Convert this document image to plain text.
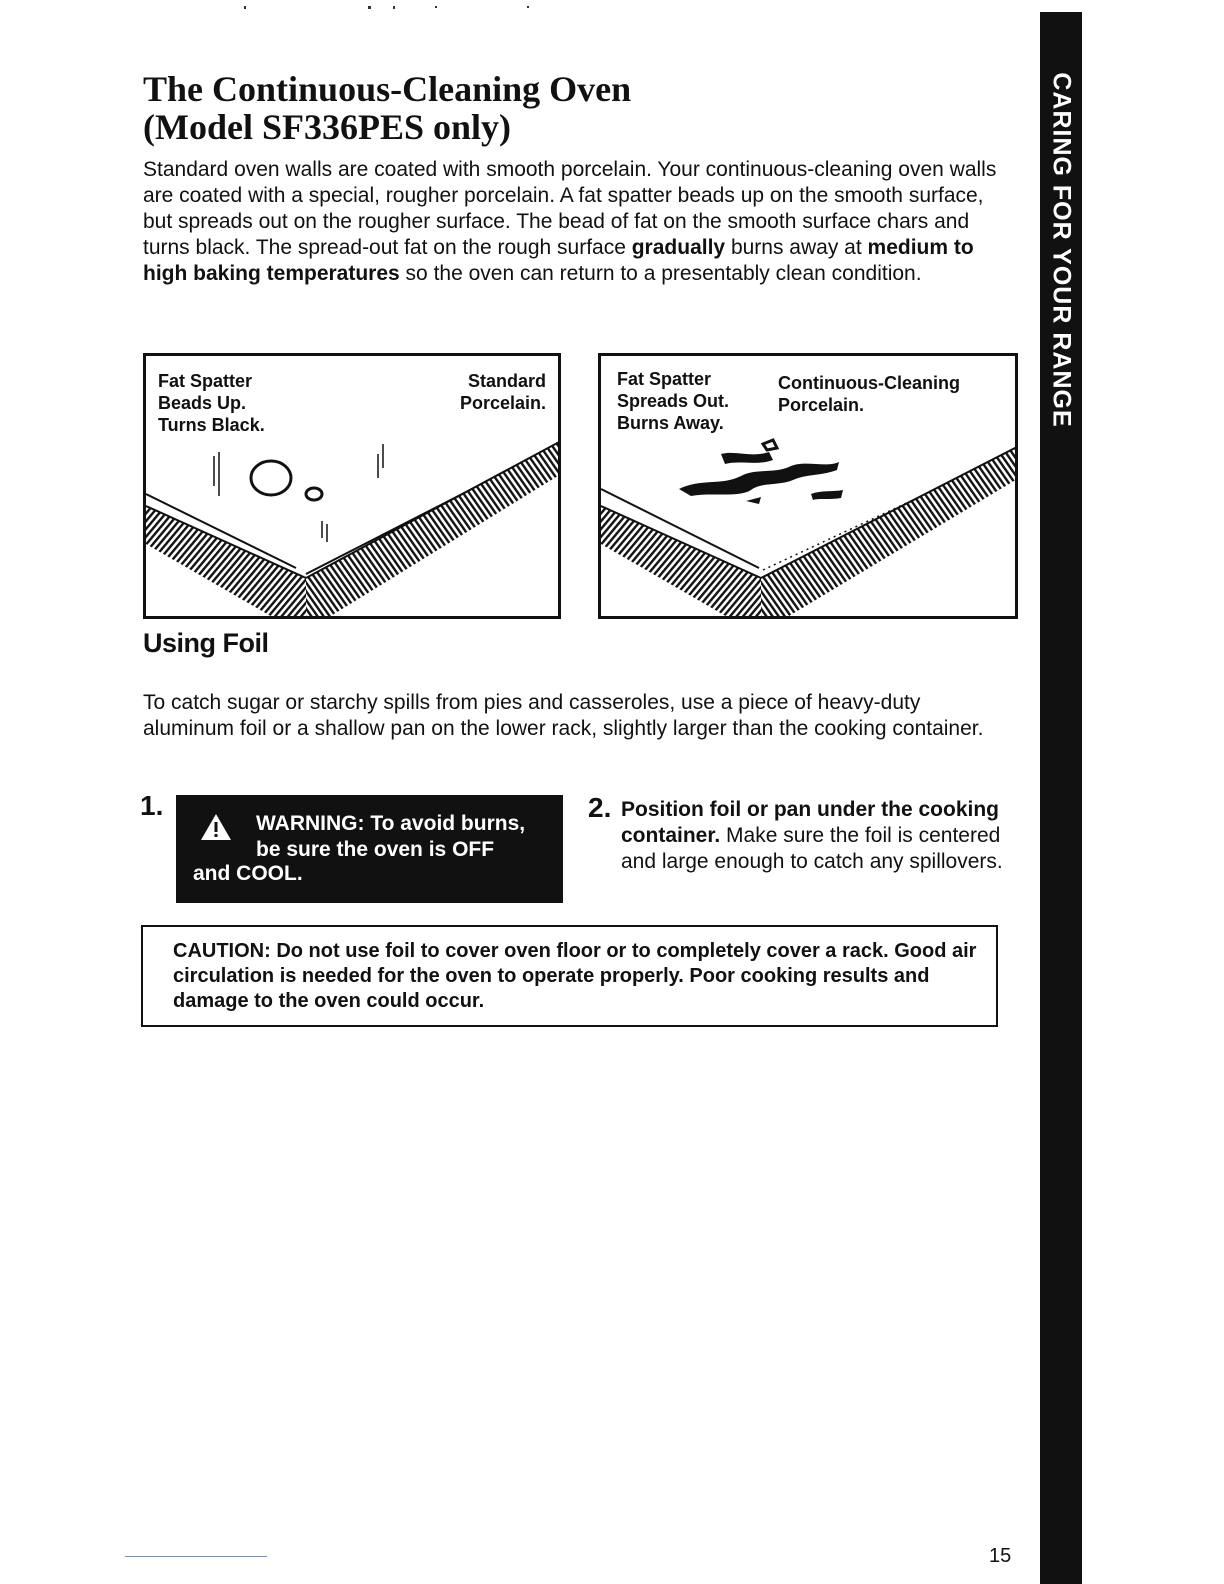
CARING FOR YOUR RANGE
The Continuous-Cleaning Oven
(Model SF336PES only)

Standard oven walls are coated with smooth porcelain. Your continuous-cleaning oven walls are coated with a special, rougher porcelain. A fat spatter beads up on the smooth surface, but spreads out on the rougher surface. The bead of fat on the smooth surface chars and turns black. The spread-out fat on the rough surface gradually burns away at medium to high baking temperatures so the oven can return to a presentably clean condition.

Fat Spatter
Beads Up.
Turns Black.
Standard
Porcelain.
Fat Spatter
Spreads Out.
Burns Away.
Continuous-Cleaning
Porcelain.
Using Foil

To catch sugar or starchy spills from pies and casseroles, use a piece of heavy-duty aluminum foil or a shallow pan on the lower rack, slightly larger than the cooking container.

1.
WARNING: To avoid burns,
be sure the oven is OFF
and COOL.
2. Position foil or pan under the cooking container. Make sure the foil is centered and large enough to catch any spillovers.

CAUTION: Do not use foil to cover oven floor or to completely cover a rack. Good air circulation is needed for the oven to operate properly. Poor cooking results and damage to the oven could occur.

15
